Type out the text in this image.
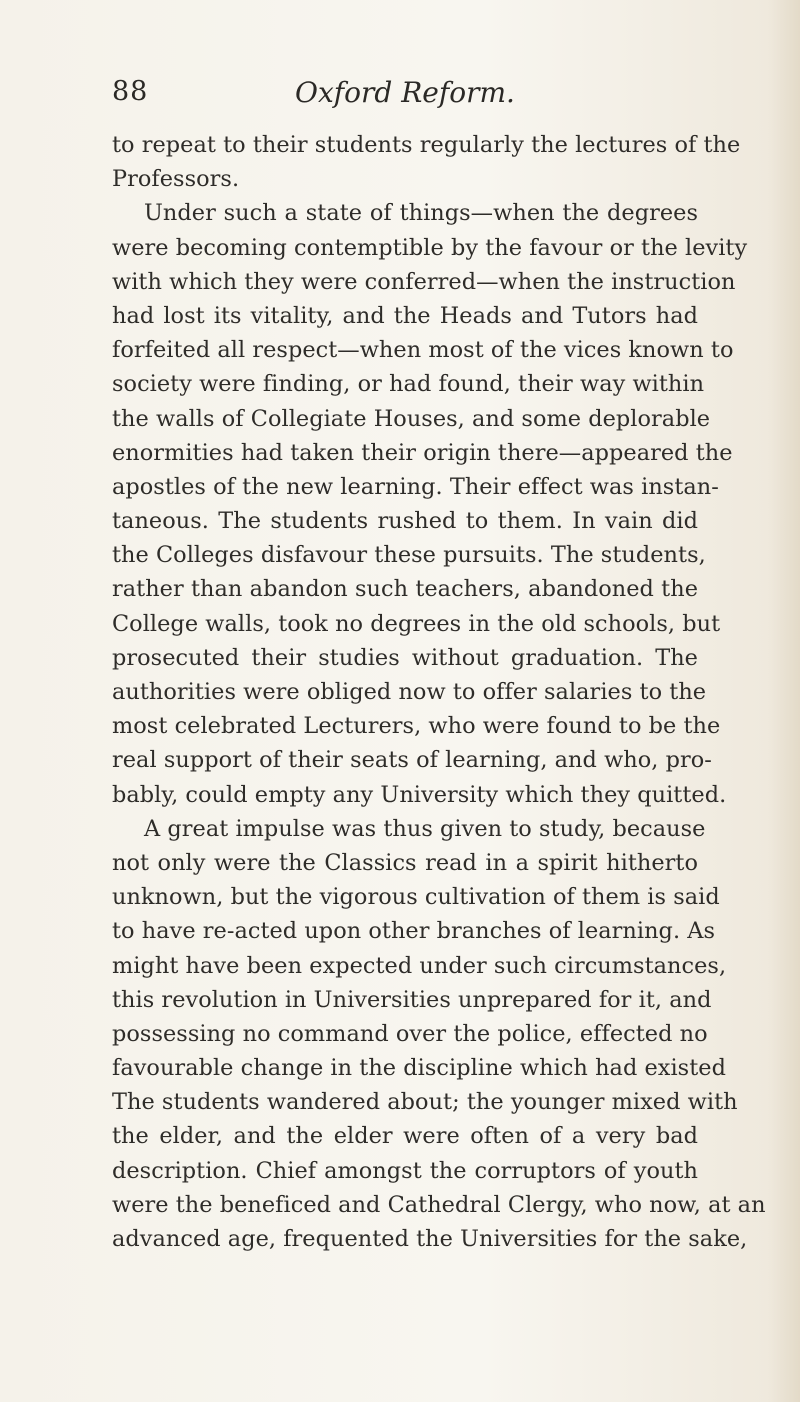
88	Oxford Reform.
to repeat to their students regularly the lectures of the
Professors.
Under such a state of things—when the degrees
were becoming contemptible by the favour or the levity
with which they were conferred—when the instruction
had lost its vitality, and the Heads and Tutors had
forfeited all respect—when most of the vices known to
society were finding, or had found, their way within
the walls of Collegiate Houses, and some deplorable
enormities had taken their origin there—appeared the
apostles of the new learning. Their effect was instan-
taneous. The students rushed to them. In vain did
the Colleges disfavour these pursuits. The students,
rather than abandon such teachers, abandoned the
College walls, took no degrees in the old schools, but
prosecuted their studies without graduation. The
authorities were obliged now to offer salaries to the
most celebrated Lecturers, who were found to be the
real support of their seats of learning, and who, pro-
bably, could empty any University which they quitted.
A great impulse was thus given to study, because
not only were the Classics read in a spirit hitherto
unknown, but the vigorous cultivation of them is said
to have re-acted upon other branches of learning. As
might have been expected under such circumstances,
this revolution in Universities unprepared for it, and
possessing no command over the police, effected no
favourable change in the discipline which had existed
The students wandered about; the younger mixed with
the elder, and the elder were often of a very bad
description. Chief amongst the corruptors of youth
were the beneficed and Cathedral Clergy, who now, at an
advanced age, frequented the Universities for the sake,
